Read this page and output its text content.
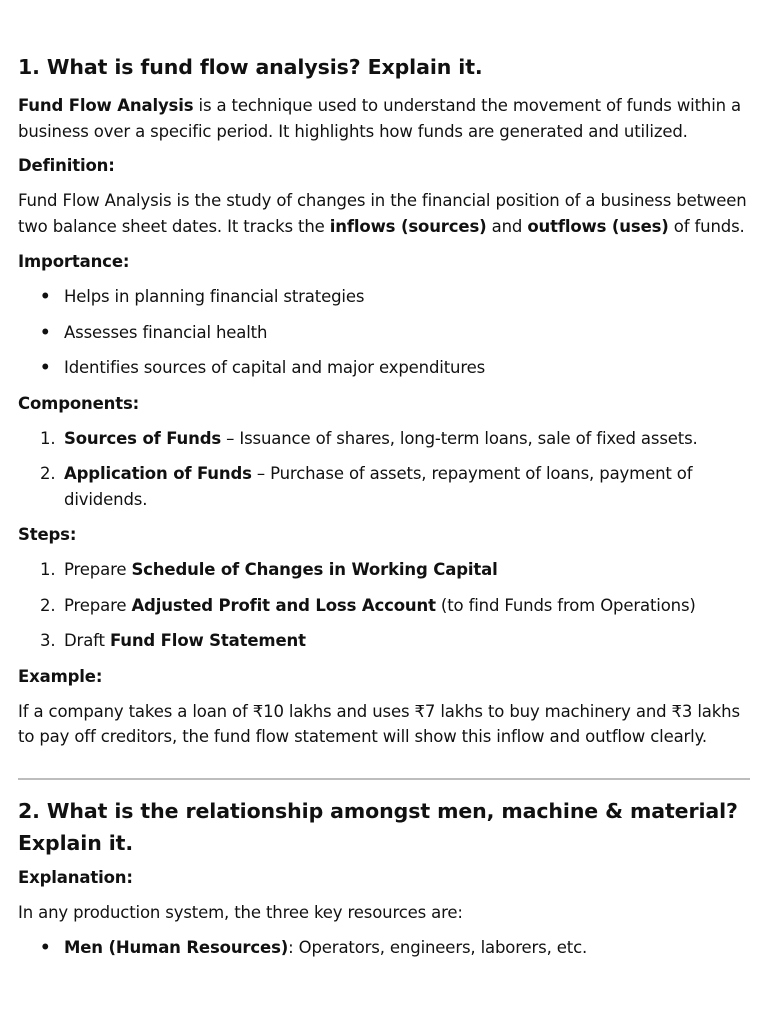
1. What is fund flow analysis? Explain it.

Fund Flow Analysis is a technique used to understand the movement of funds within a business over a specific period. It highlights how funds are generated and utilized.

Definition:

Fund Flow Analysis is the study of changes in the financial position of a business between two balance sheet dates. It tracks the inflows (sources) and outflows (uses) of funds.

Importance:

• Helps in planning financial strategies
• Assesses financial health
• Identifies sources of capital and major expenditures

Components:

1. Sources of Funds – Issuance of shares, long-term loans, sale of fixed assets.
2. Application of Funds – Purchase of assets, repayment of loans, payment of dividends.

Steps:

1. Prepare Schedule of Changes in Working Capital
2. Prepare Adjusted Profit and Loss Account (to find Funds from Operations)
3. Draft Fund Flow Statement

Example:

If a company takes a loan of ₹10 lakhs and uses ₹7 lakhs to buy machinery and ₹3 lakhs to pay off creditors, the fund flow statement will show this inflow and outflow clearly.

2. What is the relationship amongst men, machine & material? Explain it.

Explanation:

In any production system, the three key resources are:

• Men (Human Resources): Operators, engineers, laborers, etc.
